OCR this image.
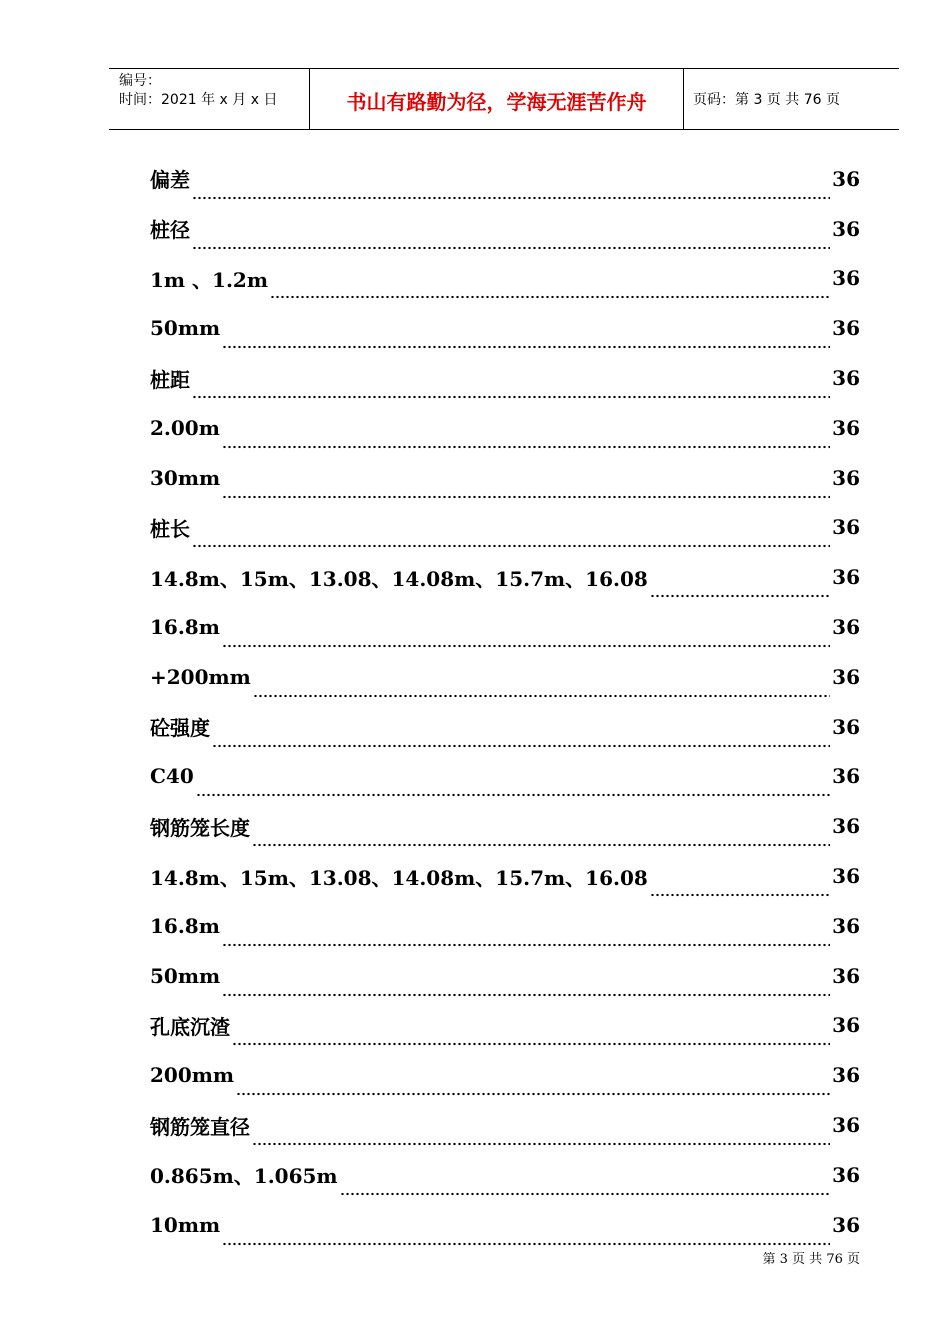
编号：
时间：2021 年 x 月 x 日	书山有路勤为径，学海无涯苦作舟	页码：第 3 页 共 76 页
偏差	36
桩径	36
1m 、1.2m	36
50mm	36
桩距	36
2.00m	36
30mm	36
桩长	36
14.8m、15m、13.08、14.08m、15.7m、16.08	36
16.8m	36
+200mm	36
砼强度	36
C40	36
钢筋笼长度	36
14.8m、15m、13.08、14.08m、15.7m、16.08	36
16.8m	36
50mm	36
孔底沉渣	36
200mm	36
钢筋笼直径	36
0.865m、1.065m	36
10mm	36
第 3 页 共 76 页
